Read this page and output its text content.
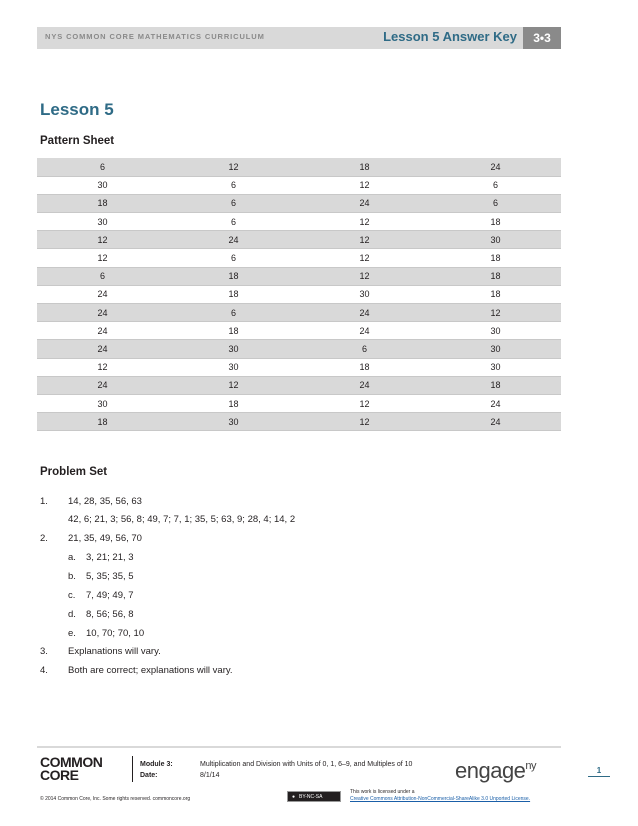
NYS COMMON CORE MATHEMATICS CURRICULUM	Lesson 5 Answer Key	3•3
Lesson 5
Pattern Sheet
6	12	18	24
30	6	12	6
18	6	24	6
30	6	12	18
12	24	12	30
12	6	12	18
6	18	12	18
24	18	30	18
24	6	24	12
24	18	24	30
24	30	6	30
12	30	18	30
24	12	24	18
30	18	12	24
18	30	12	24
Problem Set
1. 14, 28, 35, 56, 63
42, 6; 21, 3; 56, 8; 49, 7; 7, 1; 35, 5; 63, 9; 28, 4; 14, 2
2. 21, 35, 49, 56, 70
a. 3, 21; 21, 3
b. 5, 35; 35, 5
c. 7, 49; 49, 7
d. 8, 56; 56, 8
e. 10, 70; 70, 10
3. Explanations will vary.
4. Both are correct; explanations will vary.
COMMON
CORE
Module 3:
Date:
Multiplication and Division with Units of 0, 1, 6–9, and Multiples of 10
8/1/14	engage$^{ny}$	1
© 2014 Common Core, Inc. Some rights reserved. commoncore.org	● BY-NC-SA
This work is licensed under a
Creative Commons Attribution-NonCommercial-ShareAlike 3.0 Unported License.
